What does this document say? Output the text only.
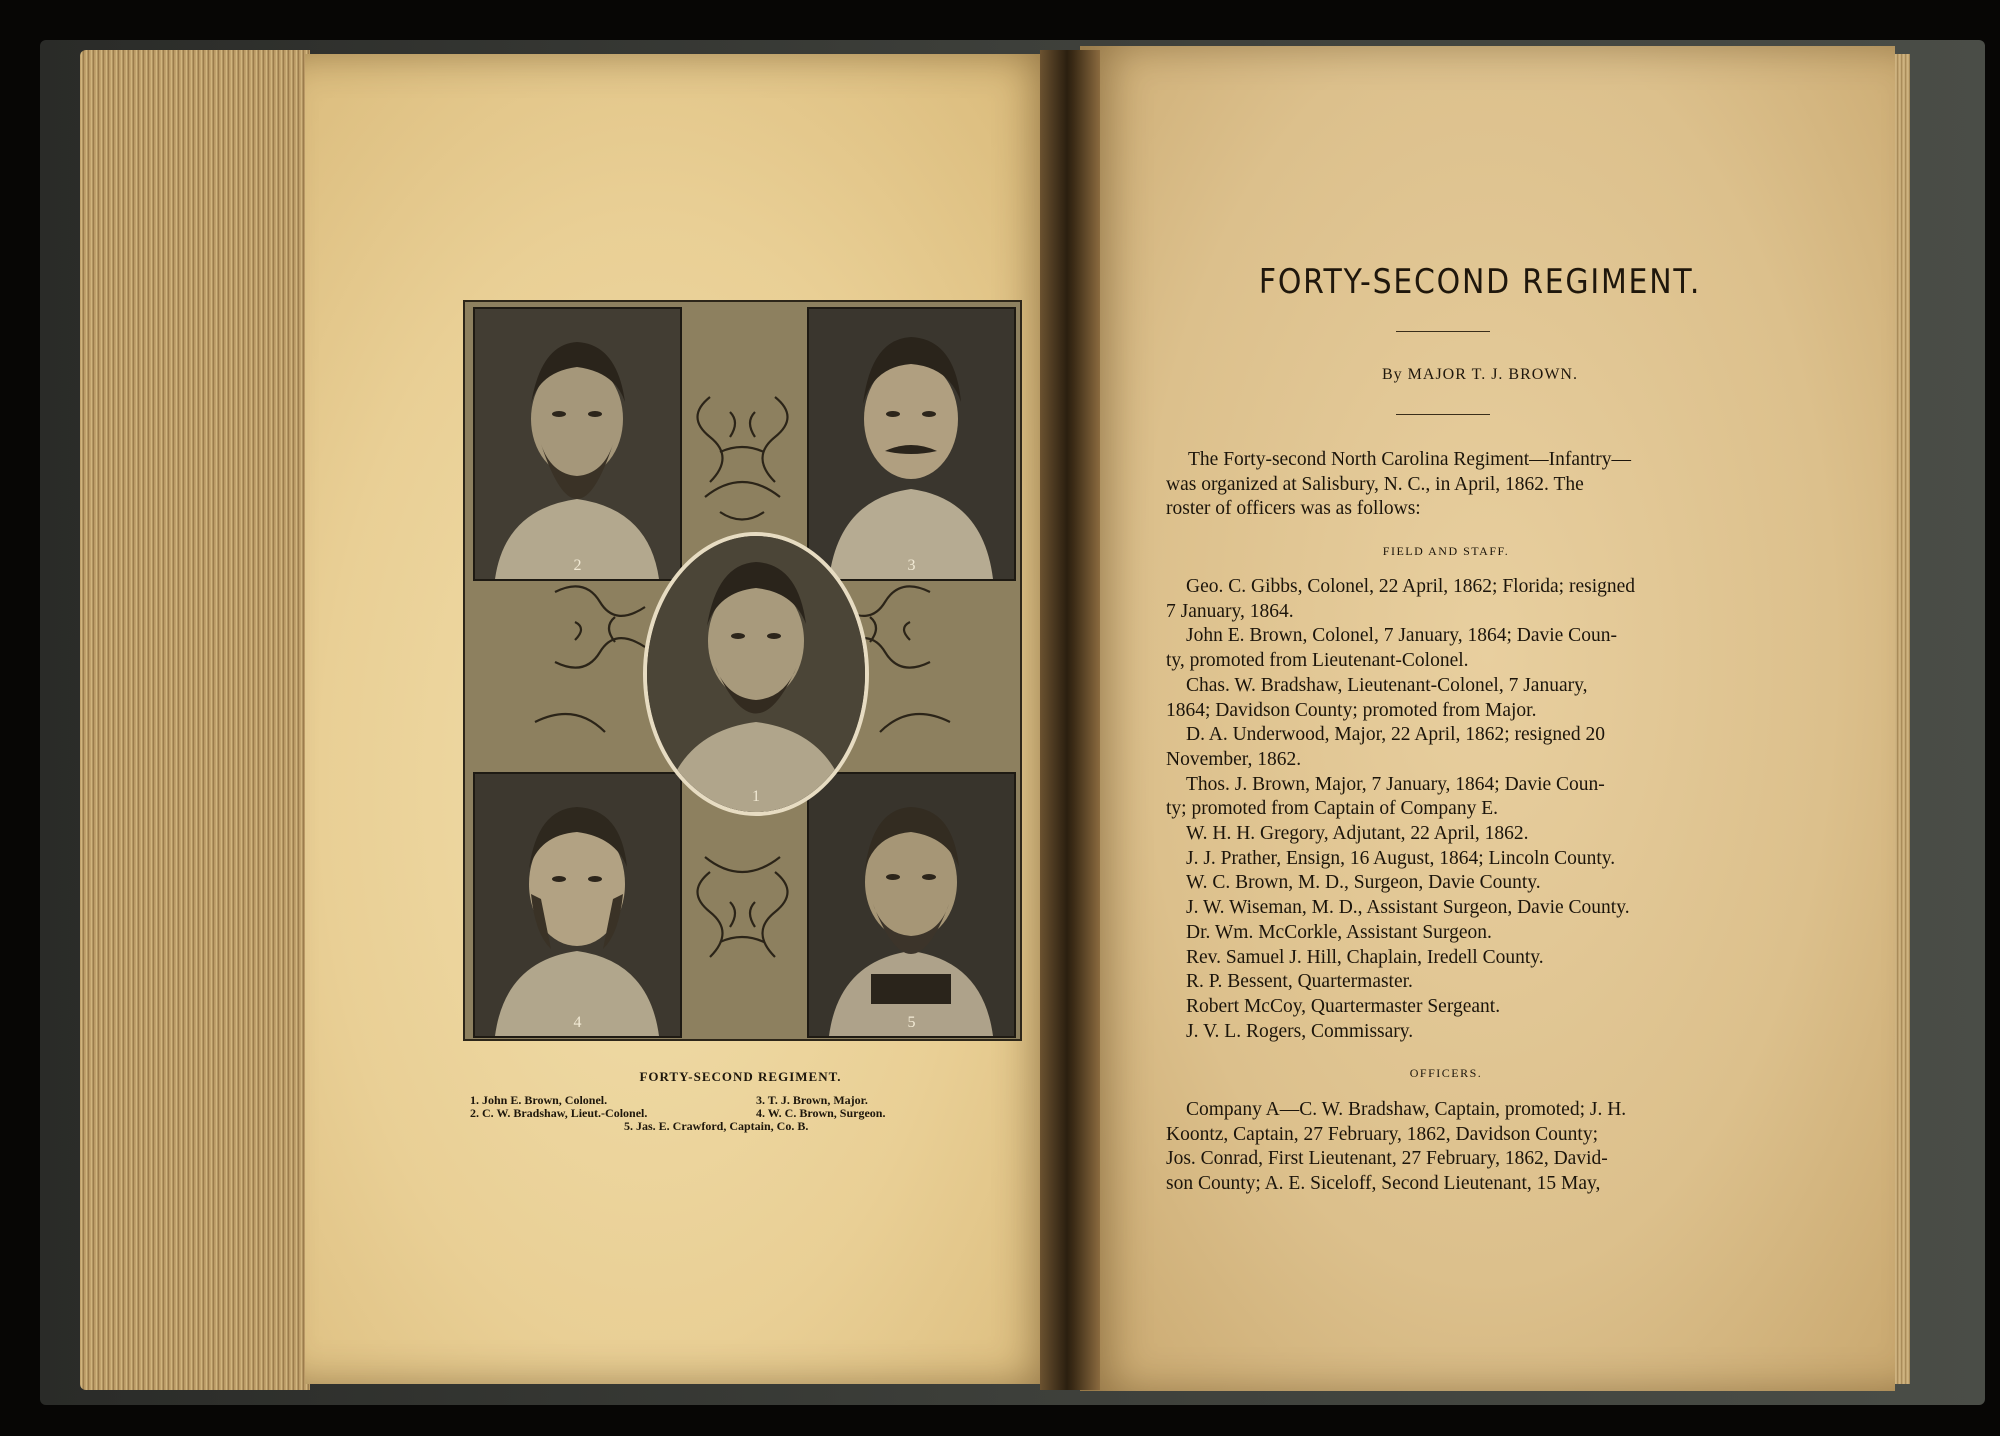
2	3
4	5
1
FORTY-SECOND REGIMENT.
1. John E. Brown, Colonel.
2. C. W. Bradshaw, Lieut.-Colonel.
3. T. J. Brown, Major.
4. W. C. Brown, Surgeon.
5. Jas. E. Crawford, Captain, Co. B.
FORTY-SECOND REGIMENT.
By MAJOR T. J. BROWN.
The Forty-second North Carolina Regiment—Infantry—
was organized at Salisbury, N. C., in April, 1862. The
roster of officers was as follows:
FIELD AND STAFF.
Geo. C. Gibbs, Colonel, 22 April, 1862; Florida; resigned
7 January, 1864.
John E. Brown, Colonel, 7 January, 1864; Davie Coun-
ty, promoted from Lieutenant-Colonel.
Chas. W. Bradshaw, Lieutenant-Colonel, 7 January,
1864; Davidson County; promoted from Major.
D. A. Underwood, Major, 22 April, 1862; resigned 20
November, 1862.
Thos. J. Brown, Major, 7 January, 1864; Davie Coun-
ty; promoted from Captain of Company E.
W. H. H. Gregory, Adjutant, 22 April, 1862.
J. J. Prather, Ensign, 16 August, 1864; Lincoln County.
W. C. Brown, M. D., Surgeon, Davie County.
J. W. Wiseman, M. D., Assistant Surgeon, Davie County.
Dr. Wm. McCorkle, Assistant Surgeon.
Rev. Samuel J. Hill, Chaplain, Iredell County.
R. P. Bessent, Quartermaster.
Robert McCoy, Quartermaster Sergeant.
J. V. L. Rogers, Commissary.
OFFICERS.
Company A—C. W. Bradshaw, Captain, promoted; J. H.
Koontz, Captain, 27 February, 1862, Davidson County;
Jos. Conrad, First Lieutenant, 27 February, 1862, David-
son County; A. E. Siceloff, Second Lieutenant, 15 May,
